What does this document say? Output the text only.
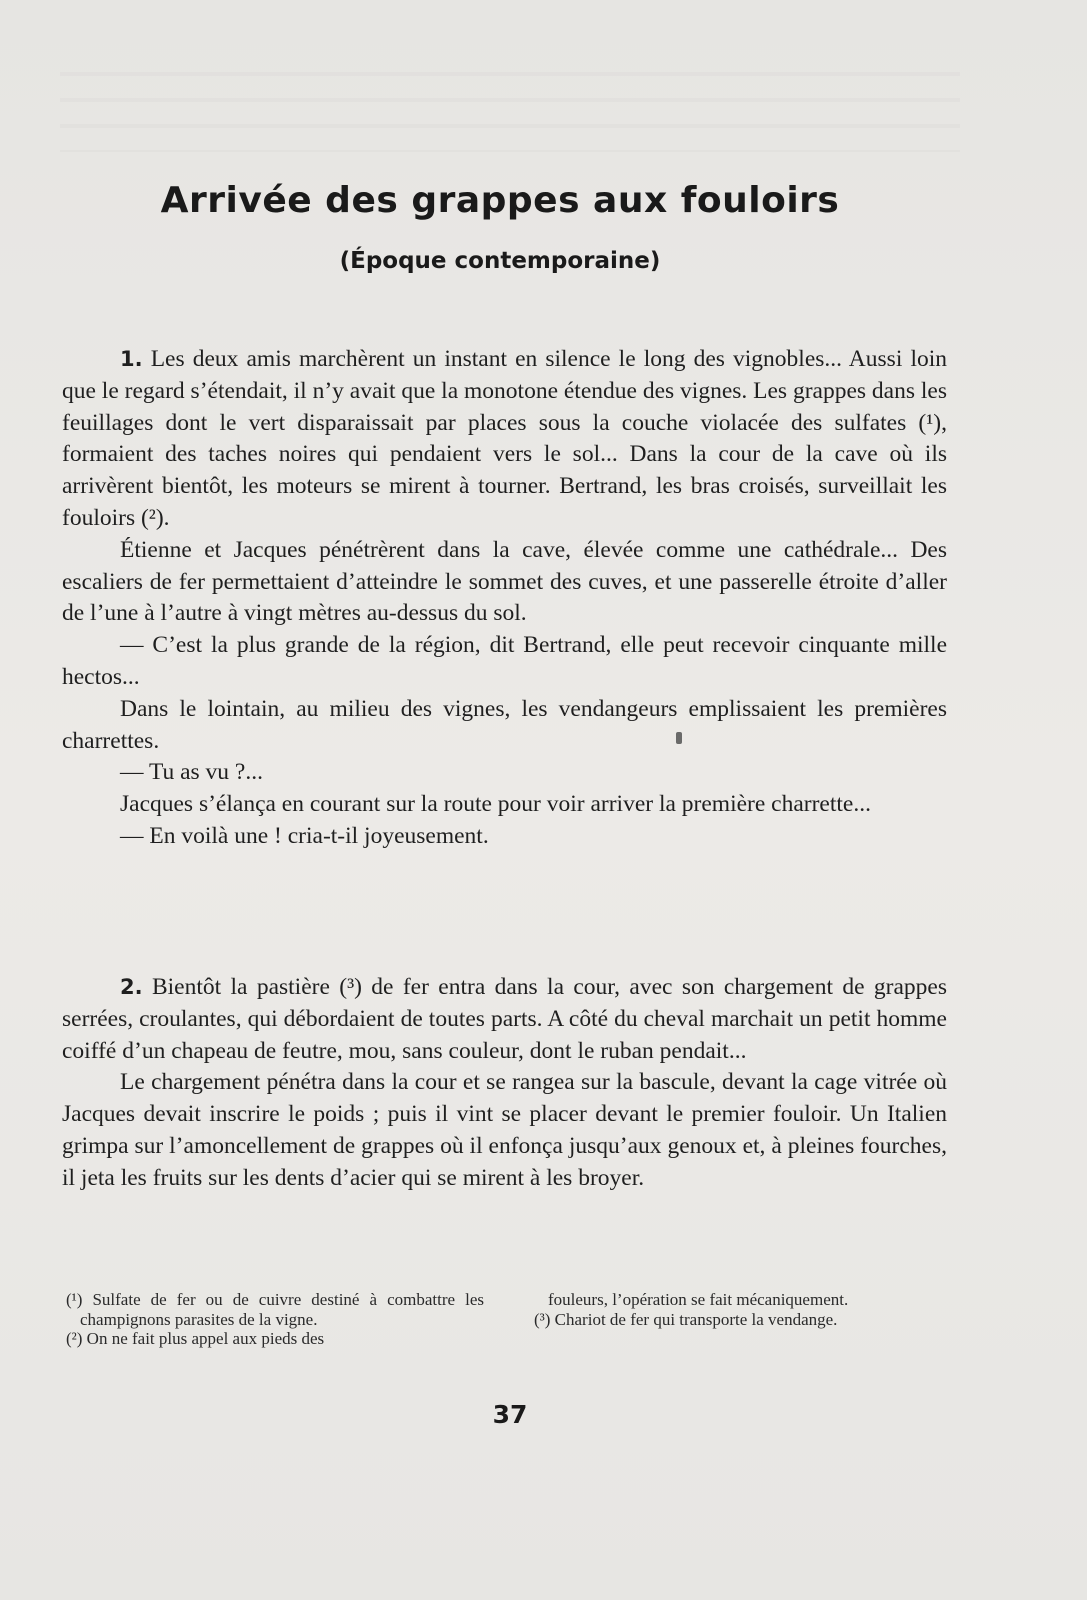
Arrivée des grappes aux fouloirs
(Époque contemporaine)

1. Les deux amis marchèrent un instant en silence le long des vignobles... Aussi loin que le regard s’étendait, il n’y avait que la monotone étendue des vignes. Les grappes dans les feuillages dont le vert disparaissait par places sous la couche violacée des sulfates (¹), formaient des taches noires qui pendaient vers le sol... Dans la cour de la cave où ils arrivèrent bientôt, les moteurs se mirent à tourner. Bertrand, les bras croisés, surveillait les fouloirs (²).

Étienne et Jacques pénétrèrent dans la cave, élevée comme une cathédrale... Des escaliers de fer permettaient d’atteindre le sommet des cuves, et une passerelle étroite d’aller de l’une à l’autre à vingt mètres au-dessus du sol.

— C’est la plus grande de la région, dit Bertrand, elle peut recevoir cinquante mille hectos...

Dans le lointain, au milieu des vignes, les vendangeurs emplissaient les premières charrettes.

— Tu as vu ?...

Jacques s’élança en courant sur la route pour voir arriver la première charrette...

— En voilà une ! cria-t-il joyeusement.

2. Bientôt la pastière (³) de fer entra dans la cour, avec son chargement de grappes serrées, croulantes, qui débordaient de toutes parts. A côté du cheval marchait un petit homme coiffé d’un chapeau de feutre, mou, sans couleur, dont le ruban pendait...

Le chargement pénétra dans la cour et se rangea sur la bascule, devant la cage vitrée où Jacques devait inscrire le poids ; puis il vint se placer devant le premier fouloir. Un Italien grimpa sur l’amoncellement de grappes où il enfonça jusqu’aux genoux et, à pleines fourches, il jeta les fruits sur les dents d’acier qui se mirent à les broyer.

(¹) Sulfate de fer ou de cuivre destiné à combattre les champignons parasites de la vigne.

(²) On ne fait plus appel aux pieds des

fouleurs, l’opération se fait mécaniquement.

(³) Chariot de fer qui transporte la vendange.

37
